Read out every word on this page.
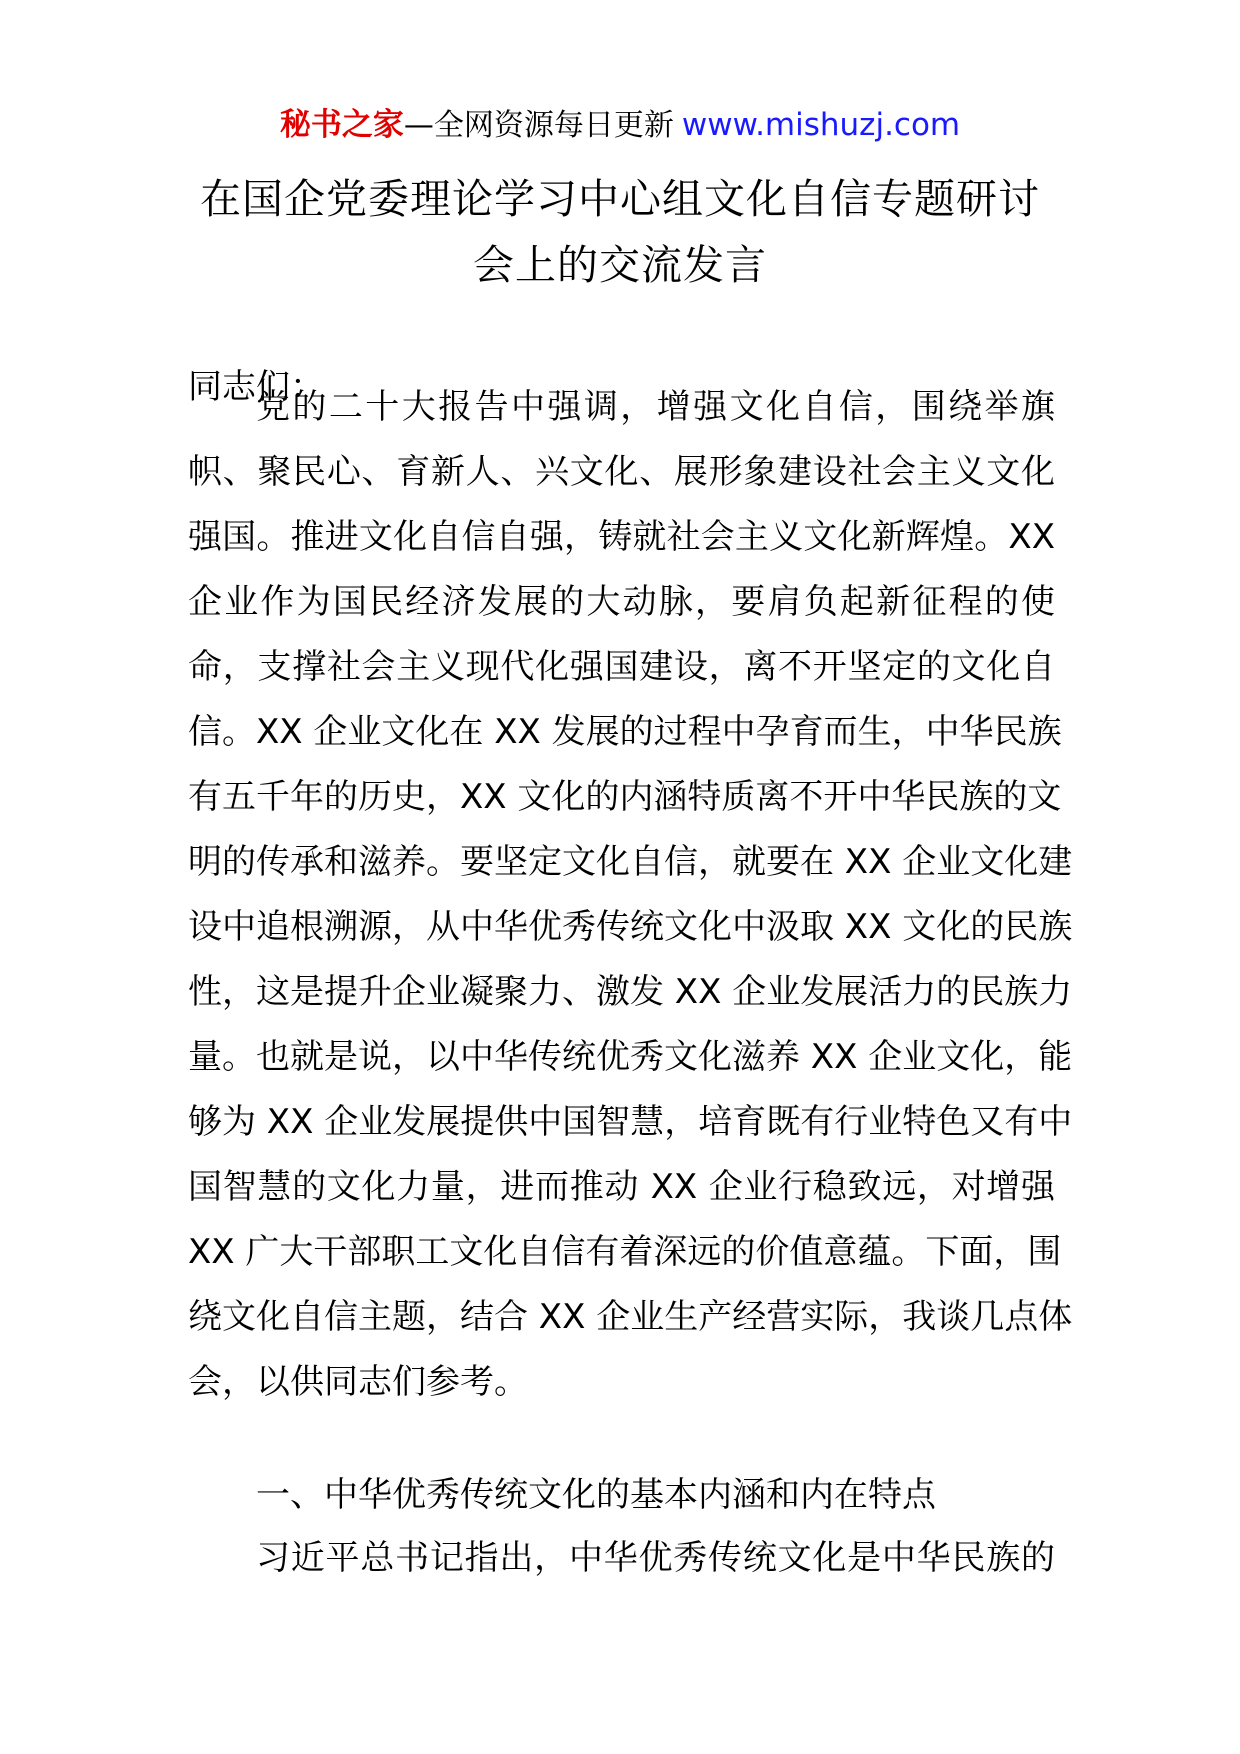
秘书之家—全网资源每日更新 www.mishuzj.com
在国企党委理论学习中心组文化自信专题研讨
会上的交流发言
同志们：
党的二十大报告中强调，增强文化自信，围绕举旗
帜、聚民心、育新人、兴文化、展形象建设社会主义文化
强国。推进文化自信自强，铸就社会主义文化新辉煌。XX
企业作为国民经济发展的大动脉，要肩负起新征程的使
命，支撑社会主义现代化强国建设，离不开坚定的文化自
信。XX 企业文化在 XX 发展的过程中孕育而生，中华民族
有五千年的历史，XX 文化的内涵特质离不开中华民族的文
明的传承和滋养。要坚定文化自信，就要在 XX 企业文化建
设中追根溯源，从中华优秀传统文化中汲取 XX 文化的民族
性，这是提升企业凝聚力、激发 XX 企业发展活力的民族力
量。也就是说，以中华传统优秀文化滋养 XX 企业文化，能
够为 XX 企业发展提供中国智慧，培育既有行业特色又有中
国智慧的文化力量，进而推动 XX 企业行稳致远，对增强
XX 广大干部职工文化自信有着深远的价值意蕴。下面，围
绕文化自信主题，结合 XX 企业生产经营实际，我谈几点体
会，以供同志们参考。
一、中华优秀传统文化的基本内涵和内在特点
习近平总书记指出，中华优秀传统文化是中华民族的
